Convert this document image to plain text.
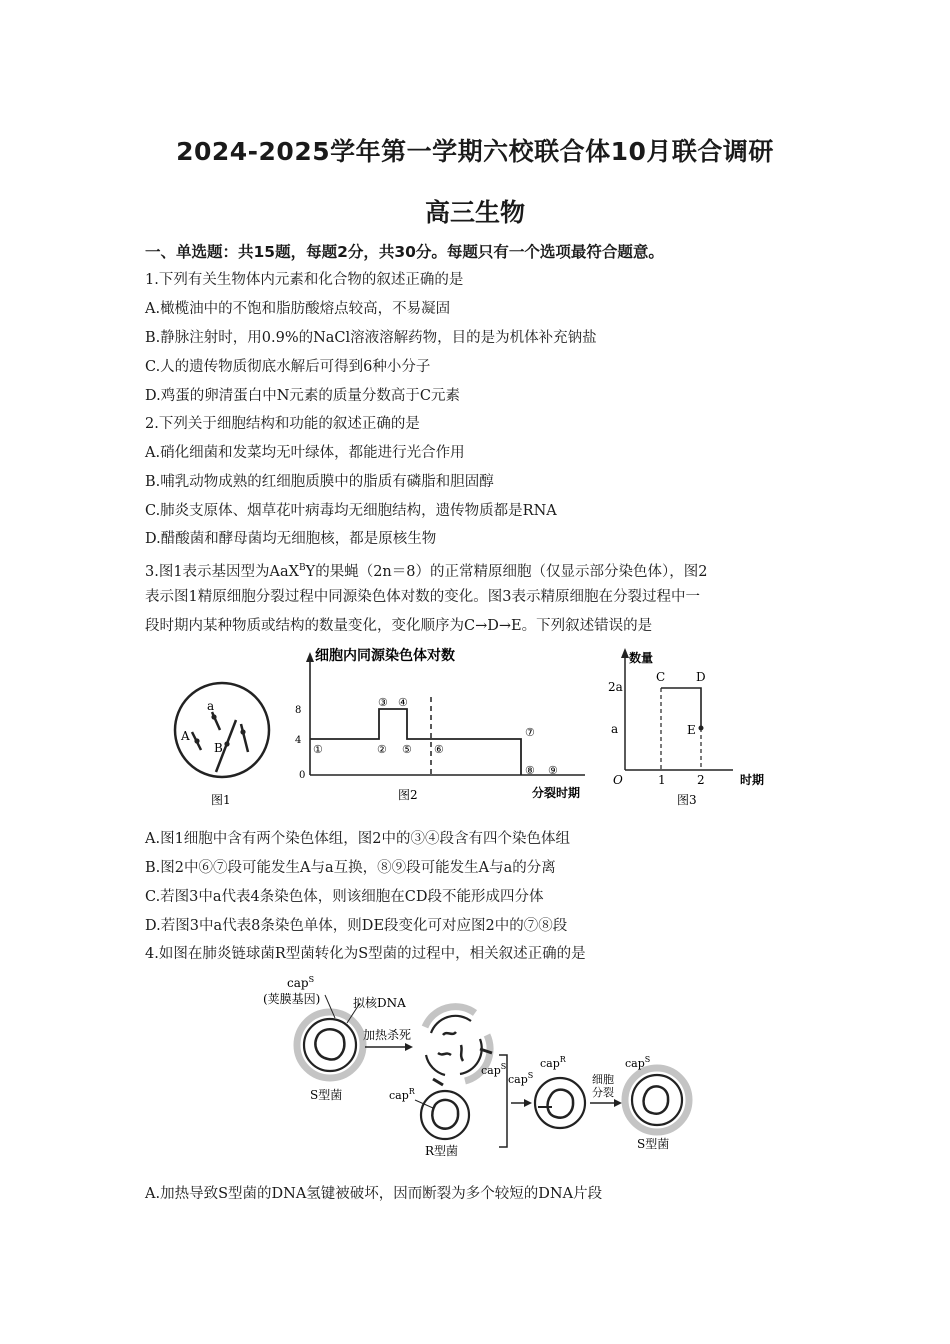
2024-2025学年第一学期六校联合体10月联合调研
高三生物
一、单选题：共15题，每题2分，共30分。每题只有一个选项最符合题意。
1.下列有关生物体内元素和化合物的叙述正确的是
A.橄榄油中的不饱和脂肪酸熔点较高，不易凝固
B.静脉注射时，用0.9%的NaCl溶液溶解药物，目的是为机体补充钠盐
C.人的遗传物质彻底水解后可得到6种小分子
D.鸡蛋的卵清蛋白中N元素的质量分数高于C元素
2.下列关于细胞结构和功能的叙述正确的是
A.硝化细菌和发菜均无叶绿体，都能进行光合作用
B.哺乳动物成熟的红细胞质膜中的脂质有磷脂和胆固醇
C.肺炎支原体、烟草花叶病毒均无细胞结构，遗传物质都是RNA
D.醋酸菌和酵母菌均无细胞核，都是原核生物
3.图1表示基因型为AaX$^B$Y的果蝇（2n＝8）的正常精原细胞（仅显示部分染色体），图2
表示图1精原细胞分裂过程中同源染色体对数的变化。图3表示精原细胞在分裂过程中一
段时期内某种物质或结构的数量变化，变化顺序为C→D→E。下列叙述错误的是
A
a
B
图1
细胞内同源染色体对数
8
4
0
①	②
③ ④
⑤ ⑥
⑦
⑧ ⑨
分裂时期
图2
数量
时期
2a
a
O	1	2
C	D
E
图3
A.图1细胞中含有两个染色体组，图2中的③④段含有四个染色体组
B.图2中⑥⑦段可能发生A与a互换，⑧⑨段可能发生A与a的分离
C.若图3中a代表4条染色体，则该细胞在CD段不能形成四分体
D.若图3中a代表8条染色单体，则DE段变化可对应图2中的⑦⑧段
4.如图在肺炎链球菌R型菌转化为S型菌的过程中，相关叙述正确的是
cap$^S$
(荚膜基因)	拟核DNA
S型菌
加热杀死
cap$^S$
cap$^R$
R型菌
cap$^S$
cap$^R$
细胞
分裂
cap$^S$
S型菌
A.加热导致S型菌的DNA氢键被破坏，因而断裂为多个较短的DNA片段
